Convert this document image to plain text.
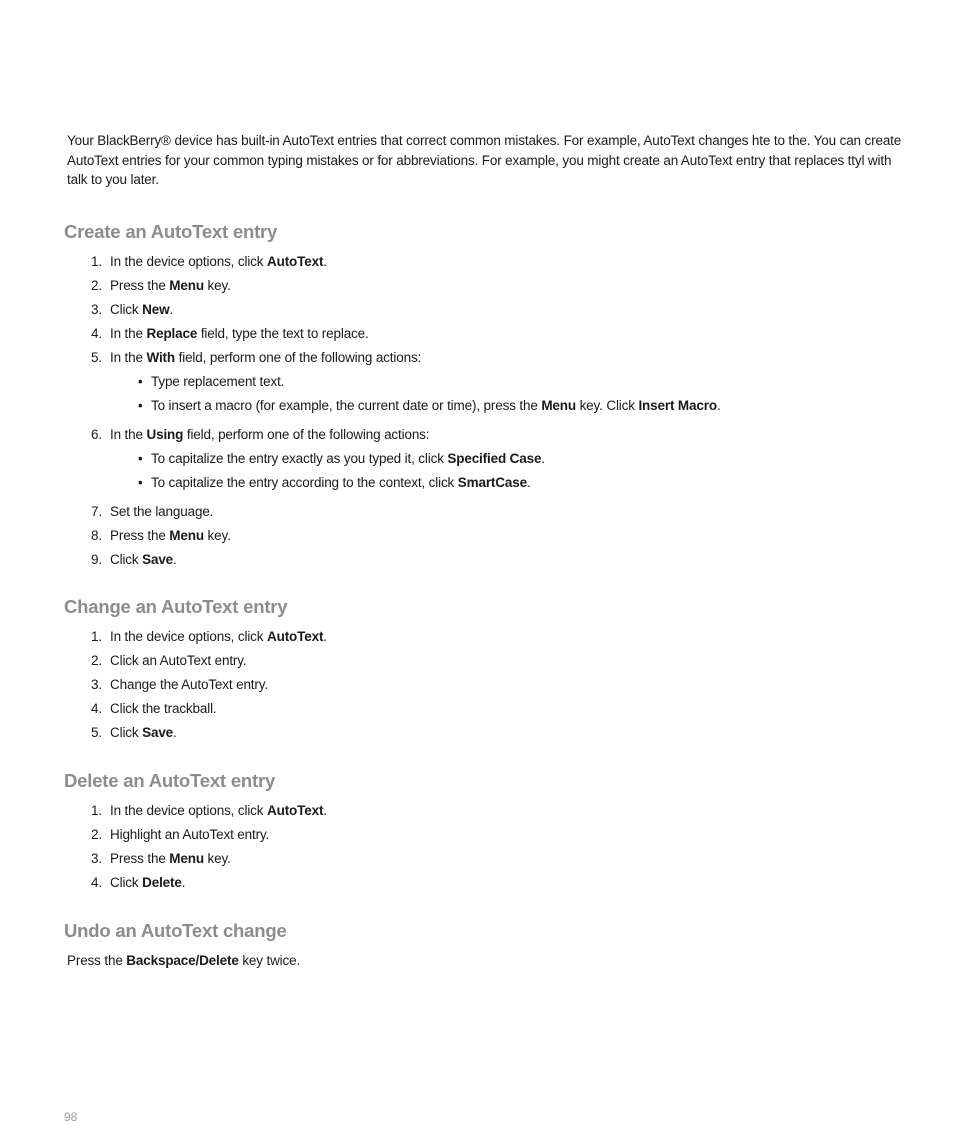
Your BlackBerry® device has built-in AutoText entries that correct common mistakes. For example, AutoText changes hte to the. You can create AutoText entries for your common typing mistakes or for abbreviations. For example, you might create an AutoText entry that replaces ttyl with talk to you later.

Create an AutoText entry
1. In the device options, click AutoText.
2. Press the Menu key.
3. Click New.
4. In the Replace field, type the text to replace.
5. In the With field, perform one of the following actions:
• Type replacement text.
• To insert a macro (for example, the current date or time), press the Menu key. Click Insert Macro.
6. In the Using field, perform one of the following actions:
• To capitalize the entry exactly as you typed it, click Specified Case.
• To capitalize the entry according to the context, click SmartCase.
7. Set the language.
8. Press the Menu key.
9. Click Save.
Change an AutoText entry
1. In the device options, click AutoText.
2. Click an AutoText entry.
3. Change the AutoText entry.
4. Click the trackball.
5. Click Save.
Delete an AutoText entry
1. In the device options, click AutoText.
2. Highlight an AutoText entry.
3. Press the Menu key.
4. Click Delete.
Undo an AutoText change

Press the Backspace/Delete key twice.

98
